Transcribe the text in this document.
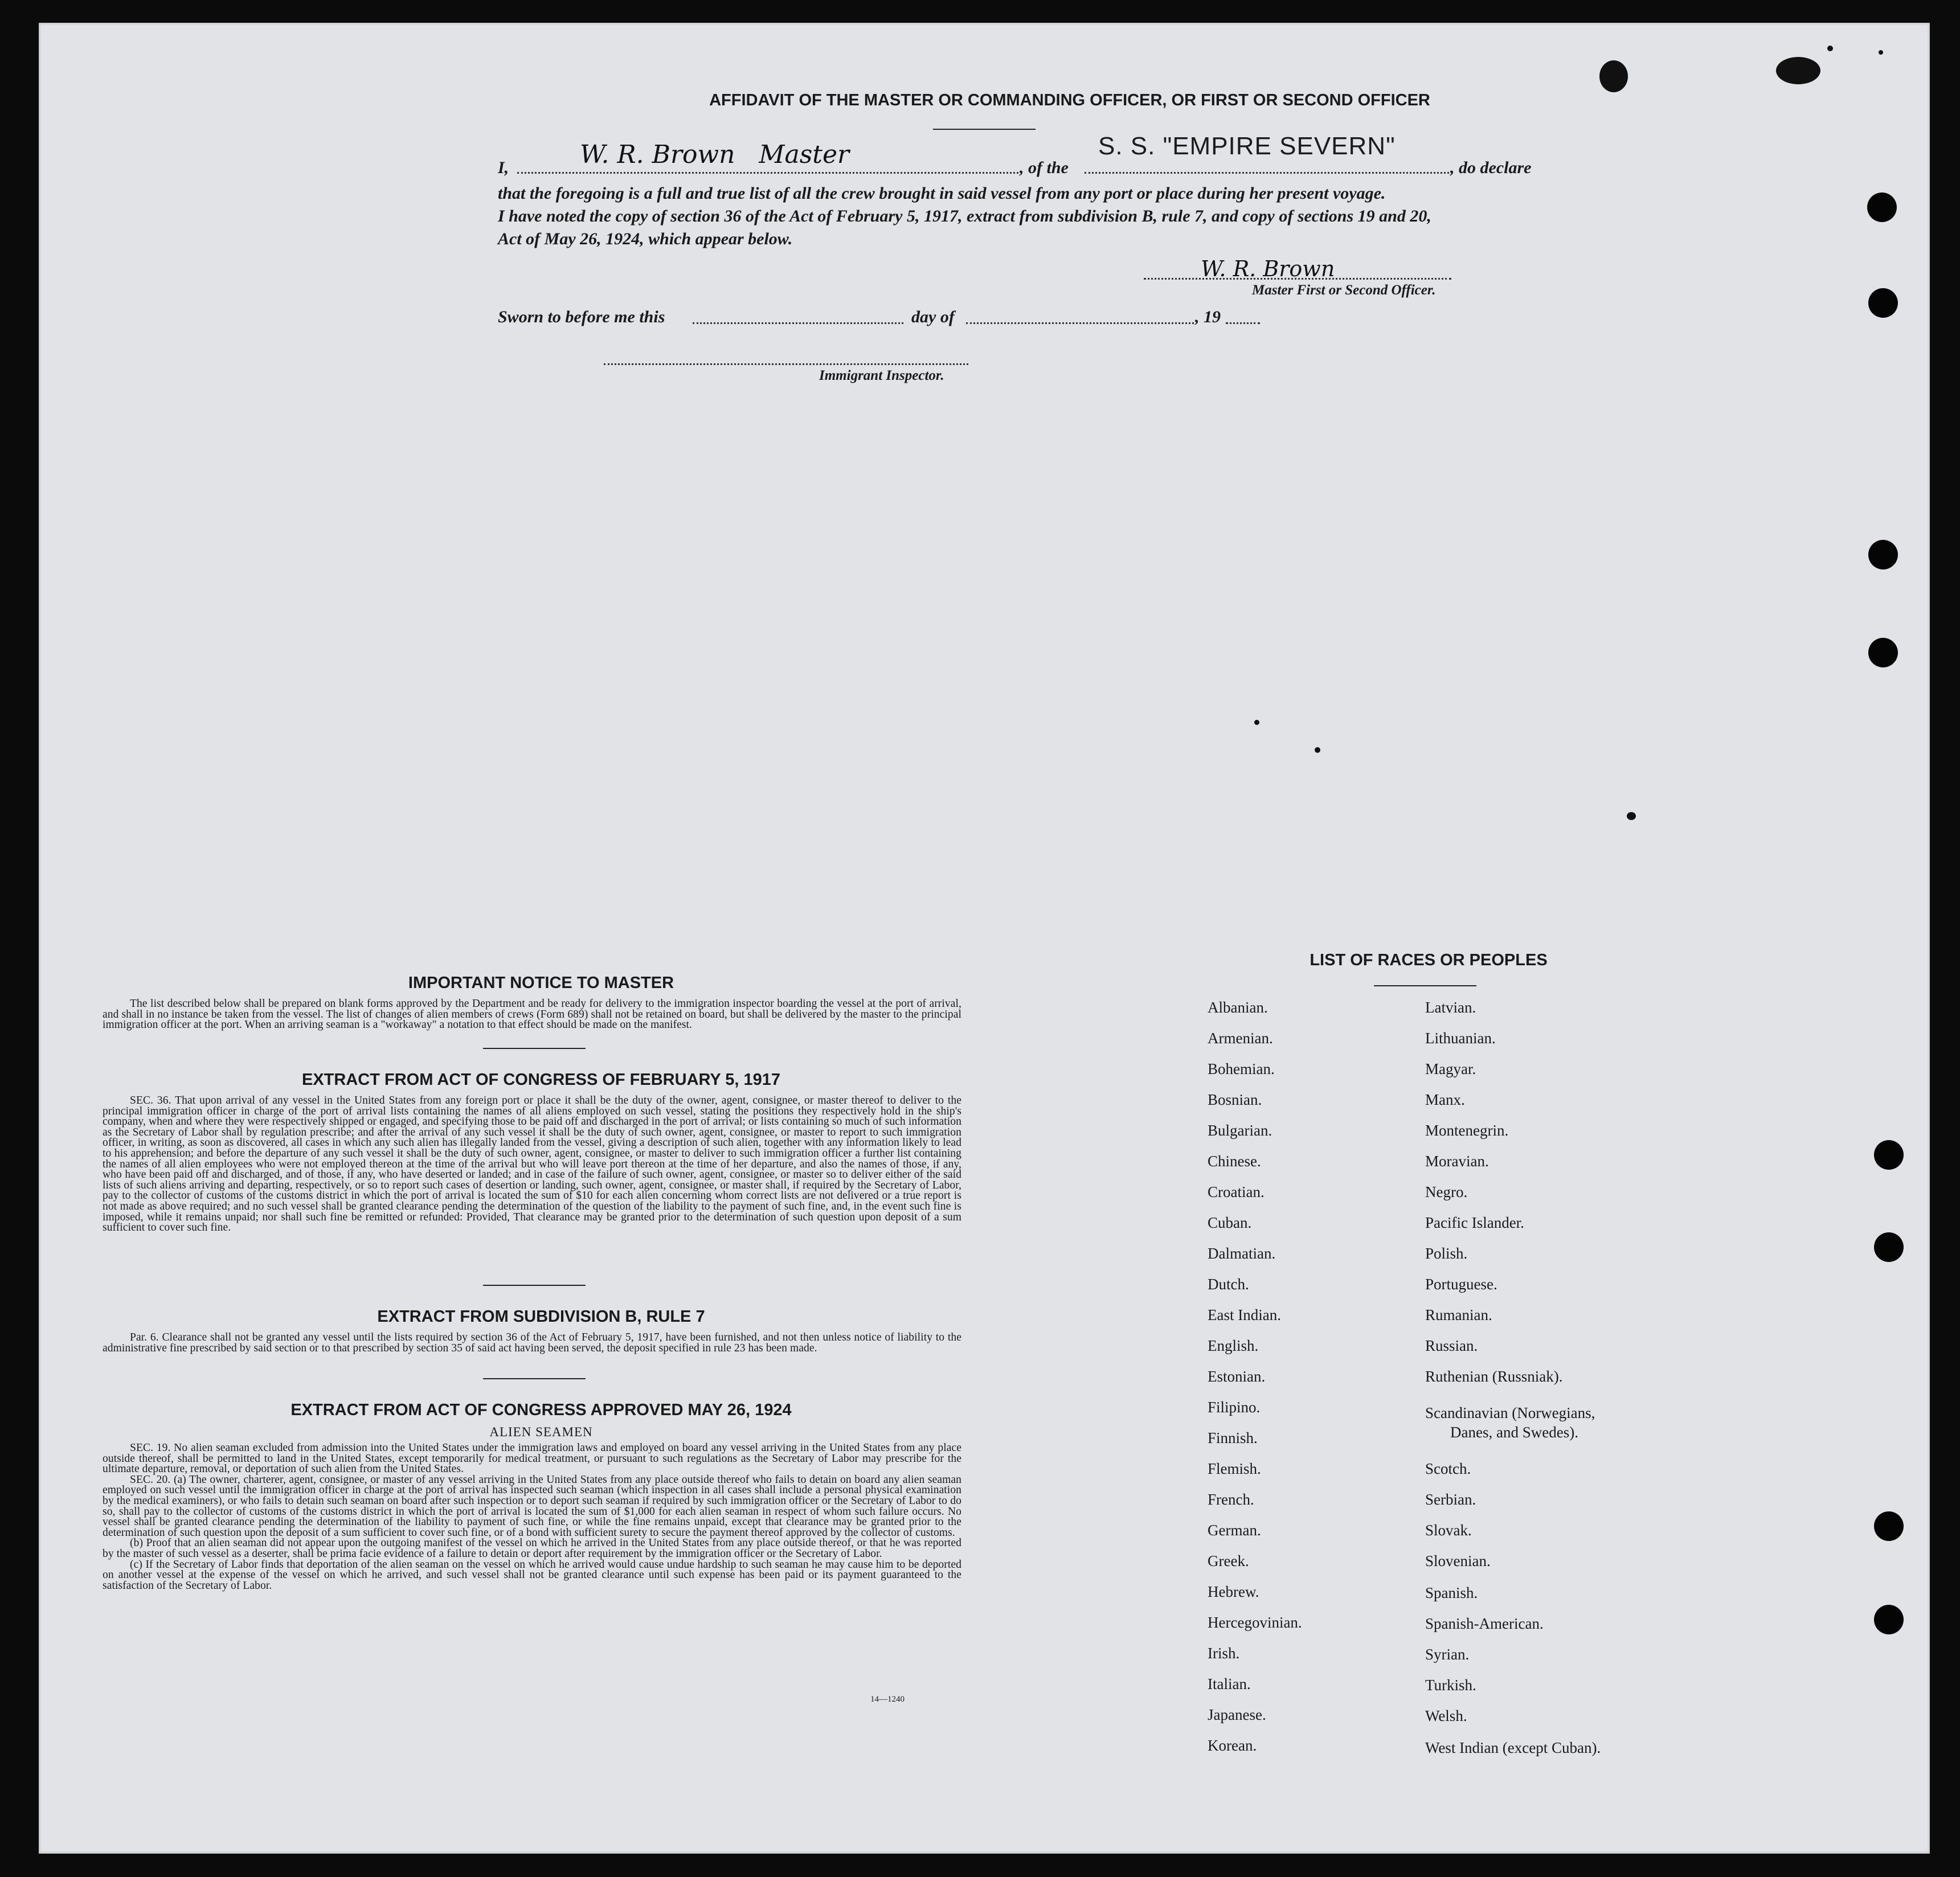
AFFIDAVIT OF THE MASTER OR COMMANDING OFFICER, OR FIRST OR SECOND OFFICER
S. S. "EMPIRE SEVERN"
I,	W. R. Brown   Master	, of the	, do declare
that the foregoing is a full and true list of all the crew brought in said vessel from any port or place during her present voyage.
I have noted the copy of section 36 of the Act of February 5, 1917, extract from subdivision B, rule 7, and copy of sections 19 and 20,
Act of May 26, 1924, which appear below.
W. R. Brown
Master First or Second Officer.
Sworn to before me this	day of	, 19
Immigrant Inspector.
IMPORTANT NOTICE TO MASTER
The list described below shall be prepared on blank forms approved by the Department and be ready for delivery to the immigration inspector boarding the vessel at the port of arrival, and shall in no instance be taken from the vessel. The list of changes of alien members of crews (Form 689) shall not be retained on board, but shall be delivered by the master to the principal immigration officer at the port. When an arriving seaman is a "workaway" a notation to that effect should be made on the manifest.
EXTRACT FROM ACT OF CONGRESS OF FEBRUARY 5, 1917
SEC. 36. That upon arrival of any vessel in the United States from any foreign port or place it shall be the duty of the owner, agent, consignee, or master thereof to deliver to the principal immigration officer in charge of the port of arrival lists containing the names of all aliens employed on such vessel, stating the positions they respectively hold in the ship's company, when and where they were respectively shipped or engaged, and specifying those to be paid off and discharged in the port of arrival; or lists containing so much of such information as the Secretary of Labor shall by regulation prescribe; and after the arrival of any such vessel it shall be the duty of such owner, agent, consignee, or master to report to such immigration officer, in writing, as soon as discovered, all cases in which any such alien has illegally landed from the vessel, giving a description of such alien, together with any information likely to lead to his apprehension; and before the departure of any such vessel it shall be the duty of such owner, agent, consignee, or master to deliver to such immigration officer a further list containing the names of all alien employees who were not employed thereon at the time of the arrival but who will leave port thereon at the time of her departure, and also the names of those, if any, who have been paid off and discharged, and of those, if any, who have deserted or landed; and in case of the failure of such owner, agent, consignee, or master so to deliver either of the said lists of such aliens arriving and departing, respectively, or so to report such cases of desertion or landing, such owner, agent, consignee, or master shall, if required by the Secretary of Labor, pay to the collector of customs of the customs district in which the port of arrival is located the sum of $10 for each alien concerning whom correct lists are not delivered or a true report is not made as above required; and no such vessel shall be granted clearance pending the determination of the question of the liability to the payment of such fine, and, in the event such fine is imposed, while it remains unpaid; nor shall such fine be remitted or refunded: Provided, That clearance may be granted prior to the determination of such question upon deposit of a sum sufficient to cover such fine.
EXTRACT FROM SUBDIVISION B, RULE 7
Par. 6. Clearance shall not be granted any vessel until the lists required by section 36 of the Act of February 5, 1917, have been furnished, and not then unless notice of liability to the administrative fine prescribed by said section or to that prescribed by section 35 of said act having been served, the deposit specified in rule 23 has been made.
EXTRACT FROM ACT OF CONGRESS APPROVED MAY 26, 1924
ALIEN SEAMEN
SEC. 19. No alien seaman excluded from admission into the United States under the immigration laws and employed on board any vessel arriving in the United States from any place outside thereof, shall be permitted to land in the United States, except temporarily for medical treatment, or pursuant to such regulations as the Secretary of Labor may prescribe for the ultimate departure, removal, or deportation of such alien from the United States.
SEC. 20. (a) The owner, charterer, agent, consignee, or master of any vessel arriving in the United States from any place outside thereof who fails to detain on board any alien seaman employed on such vessel until the immigration officer in charge at the port of arrival has inspected such seaman (which inspection in all cases shall include a personal physical examination by the medical examiners), or who fails to detain such seaman on board after such inspection or to deport such seaman if required by such immigration officer or the Secretary of Labor to do so, shall pay to the collector of customs of the customs district in which the port of arrival is located the sum of $1,000 for each alien seaman in respect of whom such failure occurs. No vessel shall be granted clearance pending the determination of the liability to payment of such fine, or while the fine remains unpaid, except that clearance may be granted prior to the determination of such question upon the deposit of a sum sufficient to cover such fine, or of a bond with sufficient surety to secure the payment thereof approved by the collector of customs.
(b) Proof that an alien seaman did not appear upon the outgoing manifest of the vessel on which he arrived in the United States from any place outside thereof, or that he was reported by the master of such vessel as a deserter, shall be prima facie evidence of a failure to detain or deport after requirement by the immigration officer or the Secretary of Labor.
(c) If the Secretary of Labor finds that deportation of the alien seaman on the vessel on which he arrived would cause undue hardship to such seaman he may cause him to be deported on another vessel at the expense of the vessel on which he arrived, and such vessel shall not be granted clearance until such expense has been paid or its payment guaranteed to the satisfaction of the Secretary of Labor.
14—1240
LIST OF RACES OR PEOPLES
Albanian.
Armenian.
Bohemian.
Bosnian.
Bulgarian.
Chinese.
Croatian.
Cuban.
Dalmatian.
Dutch.
East Indian.
English.
Estonian.
Filipino.
Finnish.
Flemish.
French.
German.
Greek.
Hebrew.
Hercegovinian.
Irish.
Italian.
Japanese.
Korean.
Latvian.
Lithuanian.
Magyar.
Manx.
Montenegrin.
Moravian.
Negro.
Pacific Islander.
Polish.
Portuguese.
Rumanian.
Russian.
Ruthenian (Russniak).
Scandinavian (Norwegians,
Danes, and Swedes).
Scotch.
Serbian.
Slovak.
Slovenian.
Spanish.
Spanish-American.
Syrian.
Turkish.
Welsh.
West Indian (except Cuban).
